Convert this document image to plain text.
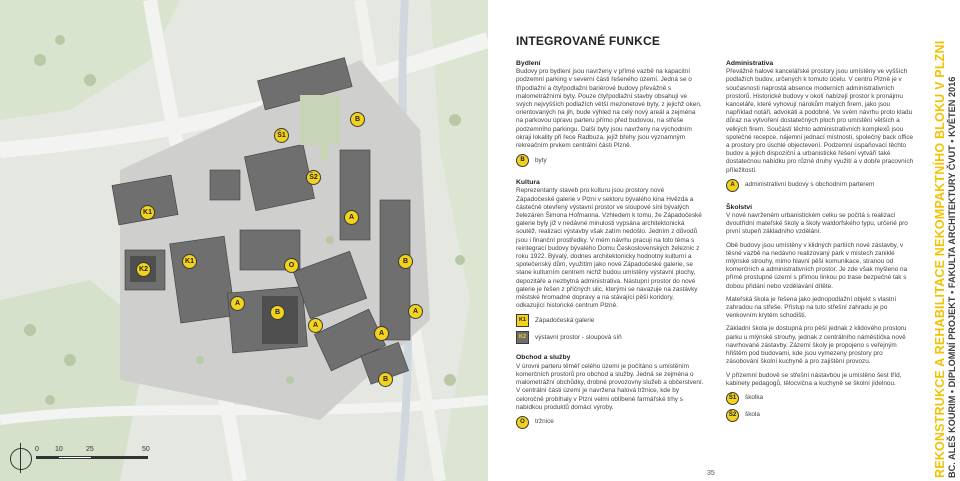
Š1
B
Š2
K1
A
B
K2
K1
O
A
A
A
A
B
B
0 10	25	50
INTEGROVANÉ FUNKCE

Bydlení

Budovy pro bydlení jsou navrženy v přímé vazbě na kapacitní podzemní parking v severní části řešeného území. Jedná se o třípodlažní a čtyřpodlažní bariérové budovy převážně s malometrážními byty. Pouze čtyřpodlažní stavby obsahují ve svých nejvyšších podlažích větší mezonetové byty, z jejichž oken, orientovaných na jih, bude výhled na celý nový areál a zejména na parkovou úpravu parteru přímo před budovou, na střeše podzemního parkingu. Další byty jsou navrženy na východním okraji lokality při řece Radbuza, jejíž břehy jsou významným rekreačním prvkem centrální části Plzně.

B	byty

Kultura

Reprezentanty staveb pro kulturu jsou prostory nové Západočeské galerie v Plzni v sektoru bývalého kina Hvězda a částečně otevřený výstavní prostor ve sloupové síni bývalých železáren Šimona Hofmanna. Vzhledem k tomu, že Západočeské galerie byly již v nedávné minulosti vypsána architektonická soutěž, realizaci výstavby však zatím nedošlo. Jedním z důvodů jsou i finanční prostředky. V mém návrhu pracuji na toto téma s reintegrací budovy bývalého Domu Československých železnic z roku 1922. Bývalý, dodnes architektonicky hodnotný kulturní a společenský dům, využitím jako nové Západočeské galerie, se stane kulturním centrem nichž budou umístěny výstavní plochy, depozitáře a nezbytná administrativa. Nástupní prostor do nové galerie je řešen z příčných ulic, kterými se navazuje na zastávky městské hromadné dopravy a na stávající pěší koridory, odkazující historické centrum Plzně.

K1	Západočeská galerie
K2	výstavní prostor - sloupová síň

Obchod a služby

V úrovni parteru těměř celého území je počítáno s umístěním komerčních prostorů pro obchod a služby. Jedná se zejména o malometrážní obchůdky, drobné provozovny služeb a občerstvení. V centrální části území je navržena halová tržnice, kde by celoročně probíhaly v Plzni velmi oblíbené farmářské trhy s nabídkou produktů domácí výroby.

O	tržnice

Administrativa

Převážně halové kancelářské prostory jsou umístěny ve vyšších podlažích budov, určených k tomuto účelu. V centru Plzně je v současnosti naprostá absence moderních administrativních prostorů. Historické budovy v okolí nabízejí prostor k pronájmu kanceláře, které vyhovují nárokům malých firem, jako jsou například notáři, advokáti a podobně. Ve svém návrhu proto kladu důraz na vytvoření dostatečných ploch pro umístění větších a velkých firem. Součástí těchto administrativních komplexů jsou společné recepce, nájemní jednací místnosti, společný back office a prostory pro úschlé objectevení. Podzemní úspaňovací těchto budov a jejich dispoziční a urbanistické řešení vytváří také dostatečnou nabídku pro různé druhy využití a v dobře pracovních příležitostí.

A	administrativní budovy s obchodním parterem

Školství

V nové navrženém urbanistickém celku se počítá s realizací dvoutřídní mateřské školy a školy waldorfského typu, určené pro první stupeň základního vzdělání.

Obě budovy jsou umístěny v klidných partiích nové zástavby, v těsné vazbě na nedávno realizovaný park v místech zaniklé mlýnské strouhy, mimo hlavní pěší komunikace, stranou od komerčních a administrativních prostor. Je zde však myšleno na přímé prostupné území s přímou linkou po trase bezpečné tak s dobou přidání nebo vzdělávání dítěte.

Mateřská škola je řešena jako jednopodlažní objekt s vlastní zahradou na střeše. Přístup na tuto střešní zahradu je po venkovním krytém schodišti.

Základní škola je dostupná pro pěší jednak z klidového prostoru parku u mlýnské strouhy, jednak z centrálního náměstíčka nově navrhované zástavby. Zázemí školy je propojeno s veřejným hřištěm pod budovami, kde jsou vymezeny prostory pro zásobování školní kuchyně a pro zajištění provozu.

V přízemní budově se střešní nástavbou je umístěno šest tříd, kabinety pedagogů, tělocvična a kuchyně se školní jídelnou.

Š1	školka
Š2	škola
35	REKONSTRUKCE A REHABILITACE NEKOMPAKTNÍHO BLOKU V PLZNI BC. ALEŠ KOURIM • DIPLOMNÍ PROJEKT • FAKULTA ARCHITEKTURY ČVUT • KVĚTEN 2016
